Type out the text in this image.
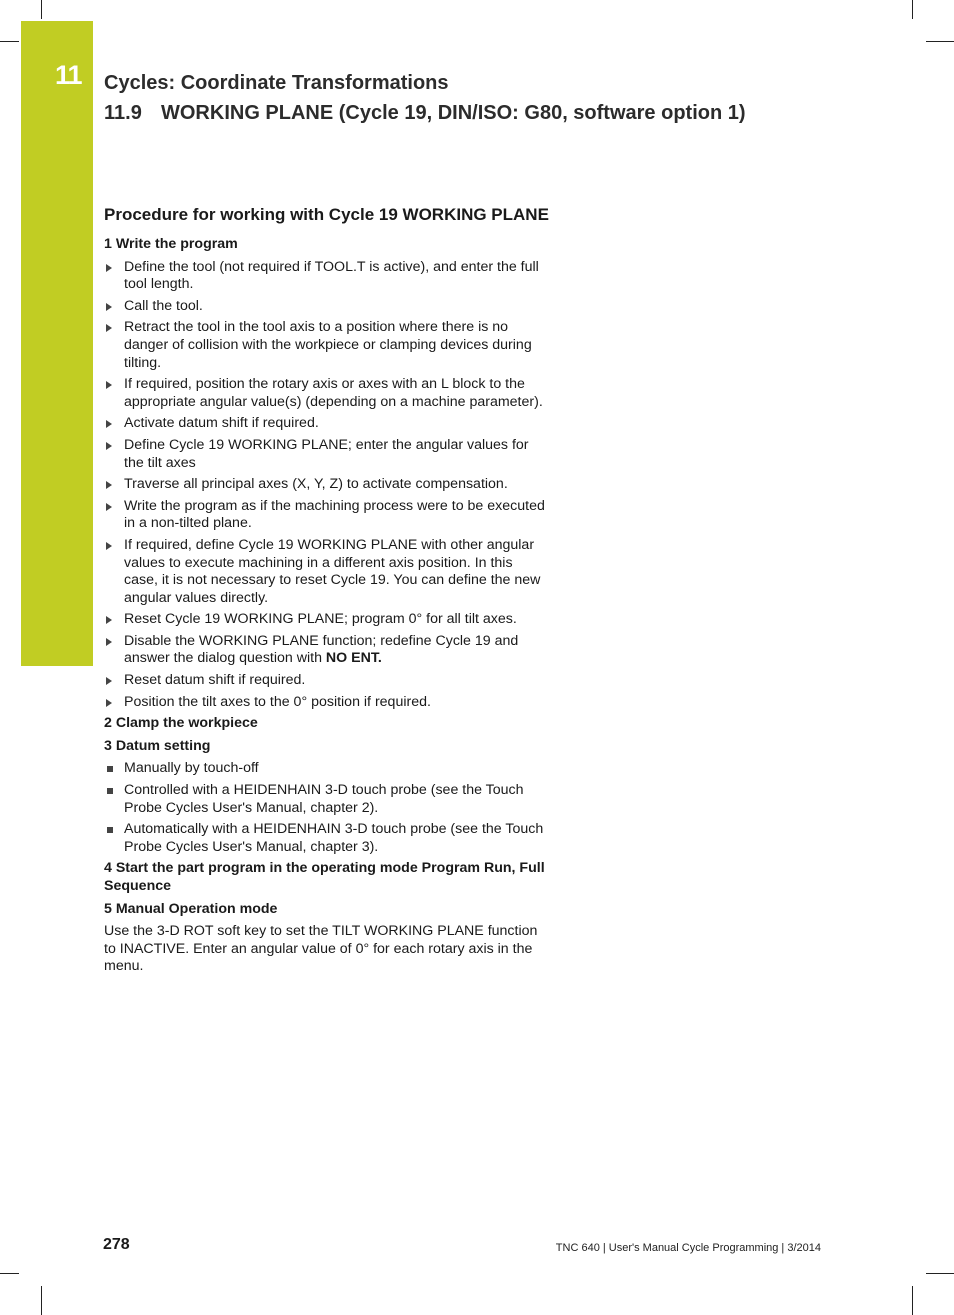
11 Cycles: Coordinate Transformations
11.9 WORKING PLANE (Cycle 19, DIN/ISO: G80, software option 1)
Procedure for working with Cycle 19 WORKING PLANE
1 Write the program
Define the tool (not required if TOOL.T is active), and enter the full tool length.
Call the tool.
Retract the tool in the tool axis to a position where there is no danger of collision with the workpiece or clamping devices during tilting.
If required, position the rotary axis or axes with an L block to the appropriate angular value(s) (depending on a machine parameter).
Activate datum shift if required.
Define Cycle 19 WORKING PLANE; enter the angular values for the tilt axes
Traverse all principal axes (X, Y, Z) to activate compensation.
Write the program as if the machining process were to be executed in a non-tilted plane.
If required, define Cycle 19 WORKING PLANE with other angular values to execute machining in a different axis position. In this case, it is not necessary to reset Cycle 19. You can define the new angular values directly.
Reset Cycle 19 WORKING PLANE; program 0° for all tilt axes.
Disable the WORKING PLANE function; redefine Cycle 19 and answer the dialog question with NO ENT.
Reset datum shift if required.
Position the tilt axes to the 0° position if required.
2 Clamp the workpiece
3 Datum setting
Manually by touch-off
Controlled with a HEIDENHAIN 3-D touch probe (see the Touch Probe Cycles User's Manual, chapter 2).
Automatically with a HEIDENHAIN 3-D touch probe (see the Touch Probe Cycles User's Manual, chapter 3).
4 Start the part program in the operating mode Program Run, Full Sequence
5 Manual Operation mode

Use the 3-D ROT soft key to set the TILT WORKING PLANE function to INACTIVE. Enter an angular value of 0° for each rotary axis in the menu.

278	TNC 640 | User's Manual Cycle Programming | 3/2014
